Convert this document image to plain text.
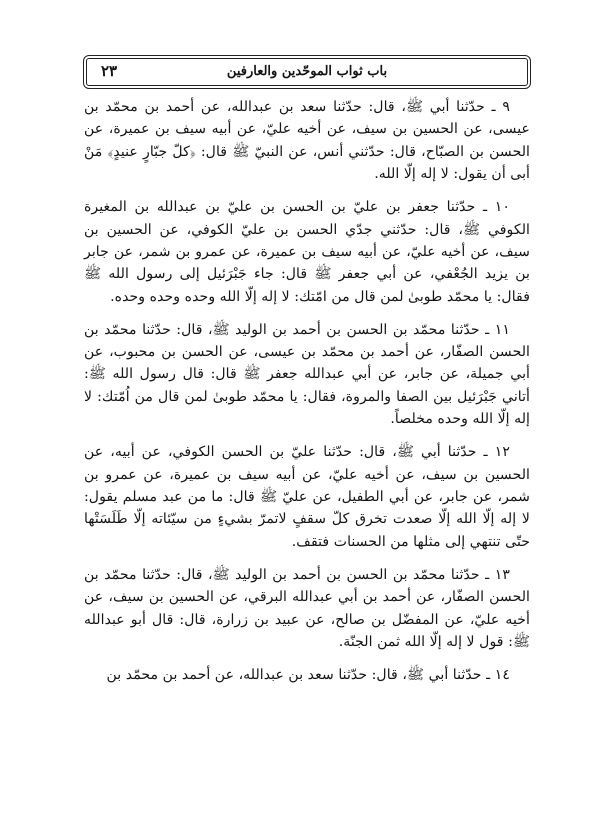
٢٣	باب ثواب الموحّدين والعارفين

٩ ـ حدّثنا أبي ﷺ، قال: حدّثنا سعد بن عبدالله، عن أحمد بن محمّد بن عيسى، عن الحسين بن سيف، عن أخيه عليّ، عن أبيه سيف بن عميرة، عن الحسن بن الصبّاح، قال: حدّثني أنس، عن النبيّ ﷺ قال: ﴿كلّ جبّارٍ عنيدٍ﴾ مَنْ أبى أن يقول: لا إله إلّا الله.

١٠ ـ حدّثنا جعفر بن عليّ بن الحسن بن عليّ بن عبدالله بن المغيرة الكوفي ﷺ، قال: حدّثني جدّي الحسن بن عليّ الكوفي، عن الحسين بن سيف، عن أخيه عليّ، عن أبيه سيف بن عميرة، عن عمرو بن شمر، عن جابر بن يزيد الجُعْفي، عن أبي جعفر ﷺ قال: جاء جَبْرَئيل إلى رسول الله ﷺ فقال: يا محمّد طوبىٰ لمن قال من امّتك: لا إله إلّا الله وحده وحده وحده.

١١ ـ حدّثنا محمّد بن الحسن بن أحمد بن الوليد ﷺ، قال: حدّثنا محمّد بن الحسن الصفّار، عن أحمد بن محمّد بن عيسى، عن الحسن بن محبوب، عن أبي جميلة، عن جابر، عن أبي عبدالله جعفر ﷺ قال: قال رسول الله ﷺ: أتاني جَبْرَئيل بين الصفا والمروة، فقال: يا محمّد طوبىٰ لمن قال من اُمّتك: لا إله إلّا الله وحده مخلصاً.

١٢ ـ حدّثنا أبي ﷺ، قال: حدّثنا عليّ بن الحسن الكوفي، عن أبيه، عن الحسين بن سيف، عن أخيه عليّ، عن أبيه سيف بن عميرة، عن عمرو بن شمر، عن جابر، عن أبي الطفيل، عن عليّ ﷺ قال: ما من عبد مسلم يقول: لا إله إلّا الله إلّا صعدت تخرق كلّ سقفٍ لاتمرّ بشيءٍ من سيّئاته إلّا طَلَسَتْها حتّى تنتهي إلى مثلها من الحسنات فتقف.

١٣ ـ حدّثنا محمّد بن الحسن بن أحمد بن الوليد ﷺ، قال: حدّثنا محمّد بن الحسن الصفّار، عن أحمد بن أبي عبدالله البرقي، عن الحسين بن سيف، عن أخيه عليّ، عن المفضّل بن صالح، عن عبيد بن زرارة، قال: قال أبو عبدالله ﷺ: قول لا إله إلّا الله ثمن الجنّة.

١٤ ـ حدّثنا أبي ﷺ، قال: حدّثنا سعد بن عبدالله، عن أحمد بن محمّد بن
